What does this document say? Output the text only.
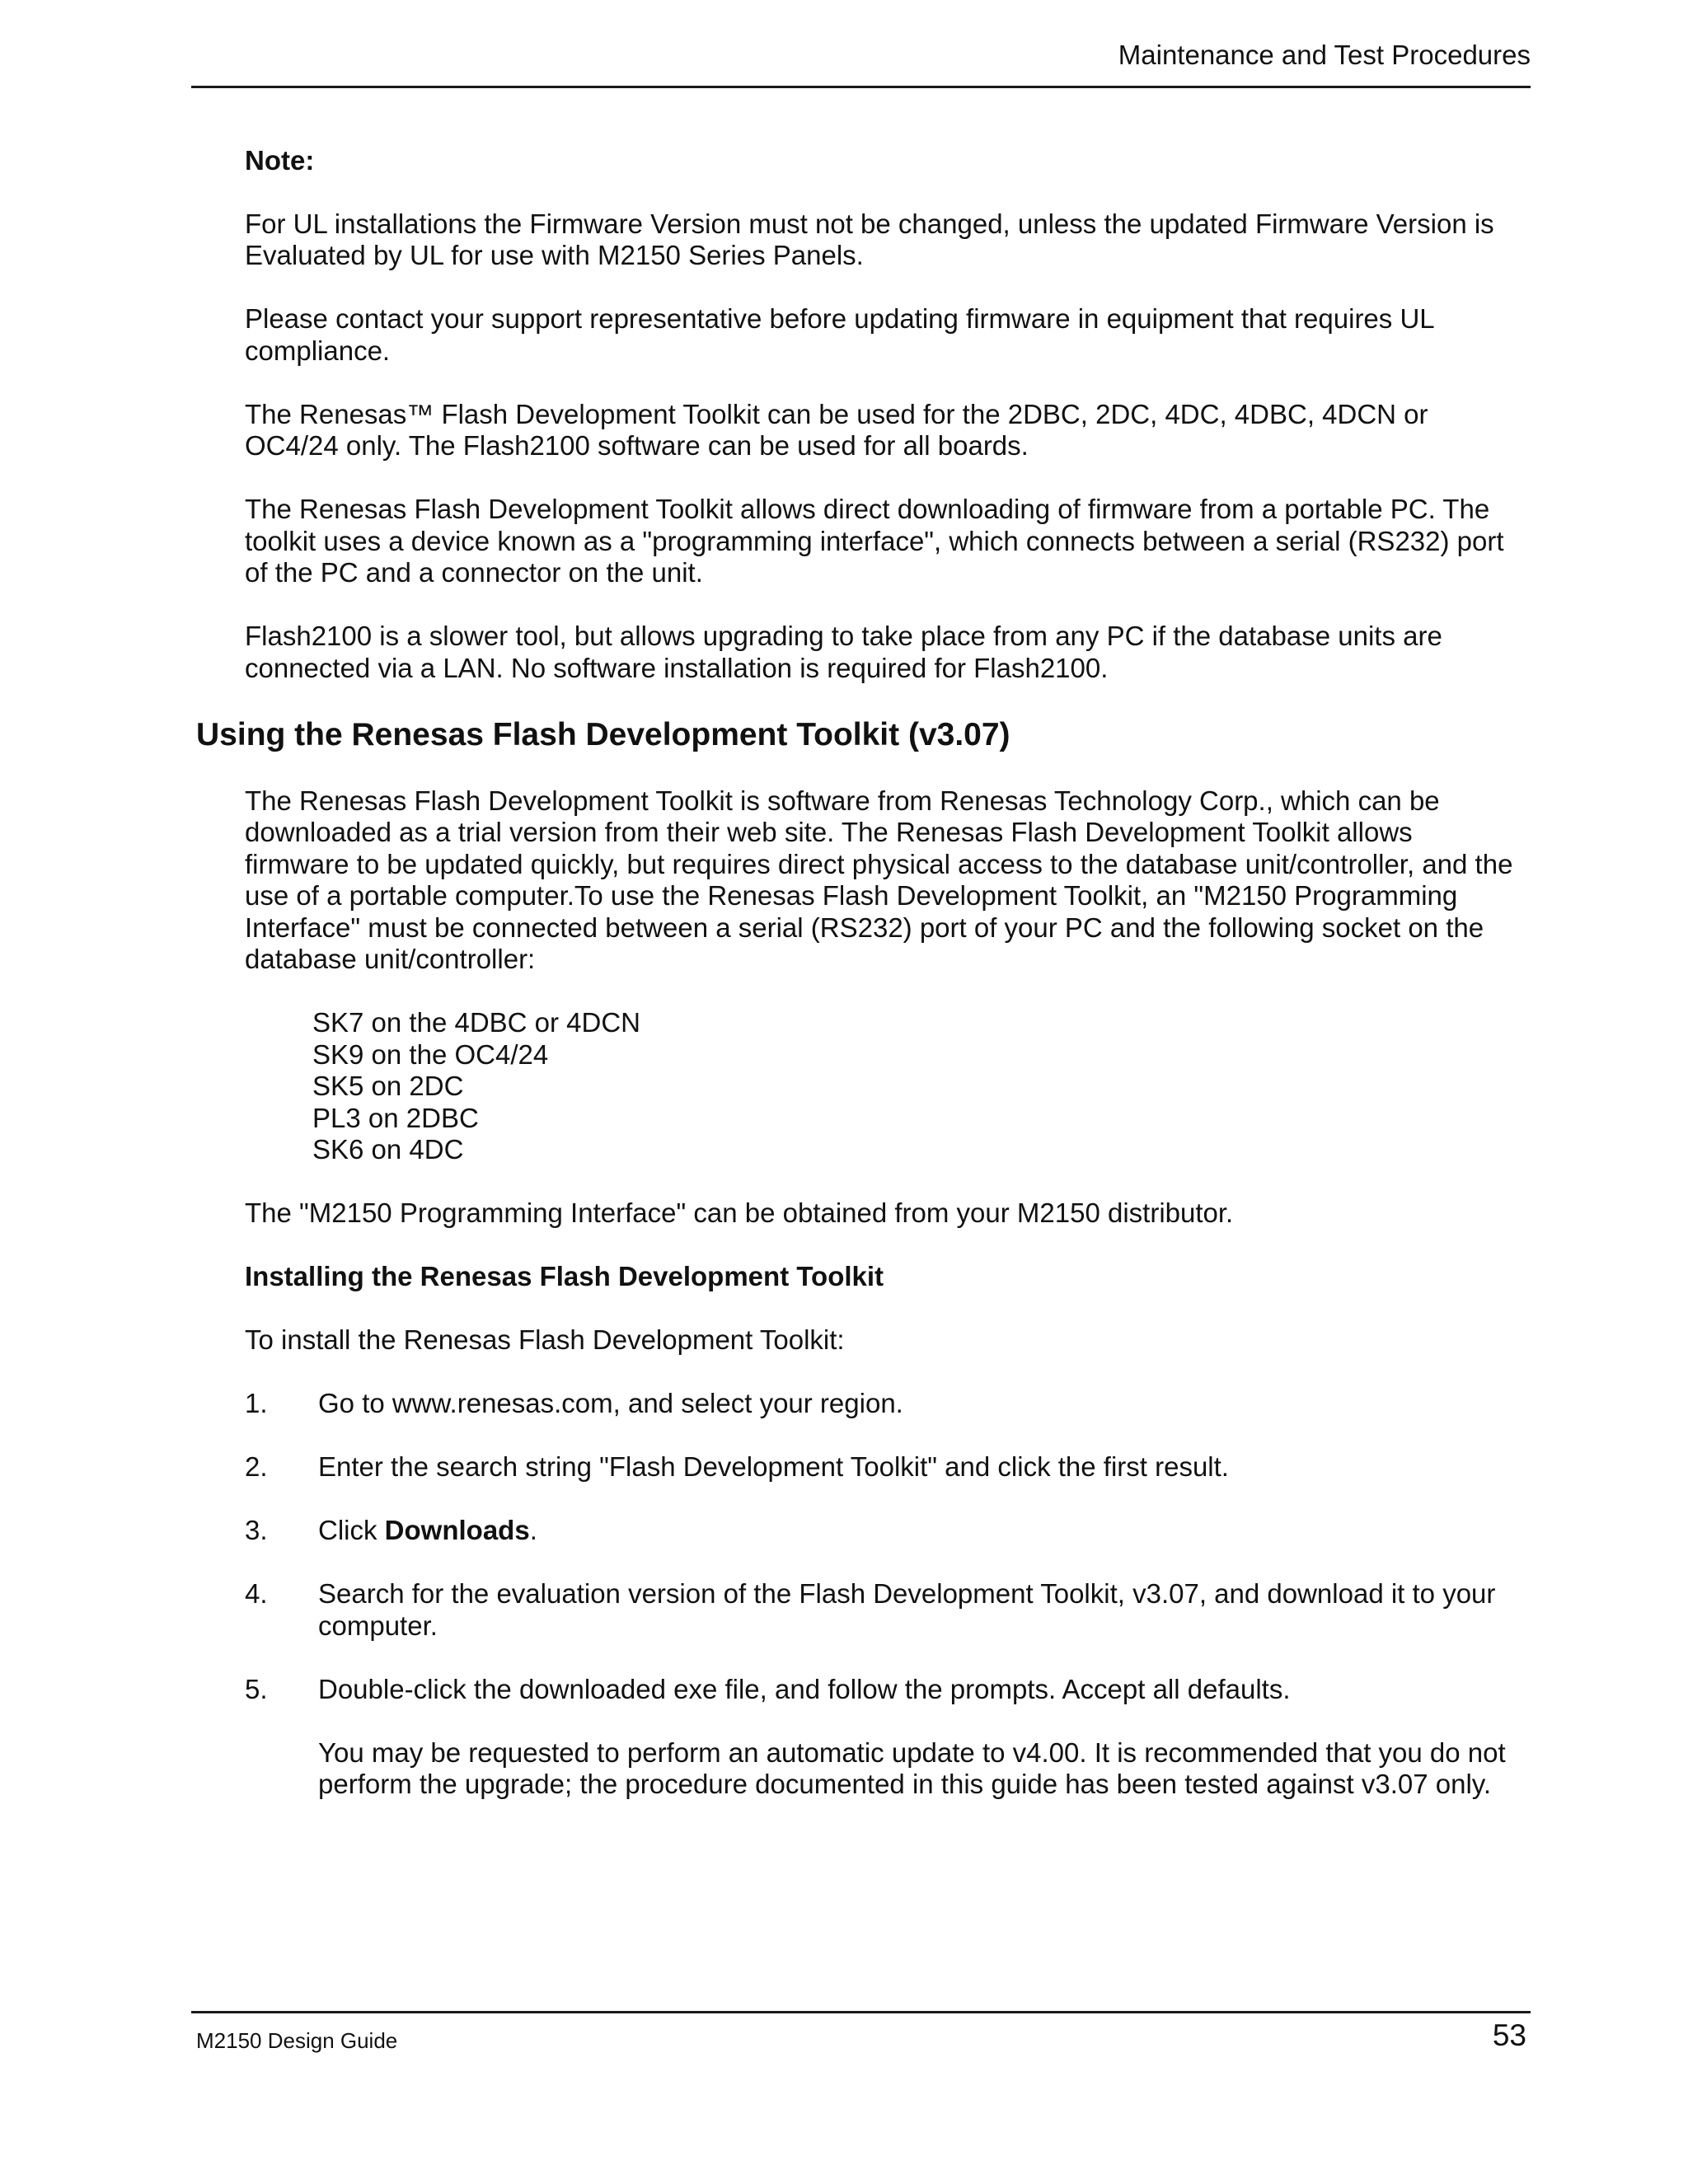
Maintenance and Test Procedures

Note:

For UL installations the Firmware Version must not be changed, unless the updated Firmware Version is Evaluated by UL for use with M2150 Series Panels.

Please contact your support representative before updating firmware in equipment that requires UL compliance.

The Renesas™ Flash Development Toolkit can be used for the 2DBC, 2DC, 4DC, 4DBC, 4DCN or OC4/24 only. The Flash2100 software can be used for all boards.

The Renesas Flash Development Toolkit allows direct downloading of firmware from a portable PC. The toolkit uses a device known as a "programming interface", which connects between a serial (RS232) port of the PC and a connector on the unit.

Flash2100 is a slower tool, but allows upgrading to take place from any PC if the database units are connected via a LAN. No software installation is required for Flash2100.

Using the Renesas Flash Development Toolkit (v3.07)

The Renesas Flash Development Toolkit is software from Renesas Technology Corp., which can be downloaded as a trial version from their web site. The Renesas Flash Development Toolkit allows firmware to be updated quickly, but requires direct physical access to the database unit/controller, and the use of a portable computer.To use the Renesas Flash Development Toolkit, an "M2150 Programming Interface" must be connected between a serial (RS232) port of your PC and the following socket on the database unit/controller:

SK7 on the 4DBC or 4DCN
SK9 on the OC4/24
SK5 on 2DC
PL3 on 2DBC
SK6 on 4DC

The "M2150 Programming Interface" can be obtained from your M2150 distributor.

Installing the Renesas Flash Development Toolkit

To install the Renesas Flash Development Toolkit:

1.	Go to www.renesas.com, and select your region.

2.	Enter the search string "Flash Development Toolkit" and click the first result.

3.	Click Downloads.

4.	Search for the evaluation version of the Flash Development Toolkit, v3.07, and download it to your computer.

5.	Double-click the downloaded exe file, and follow the prompts. Accept all defaults.

You may be requested to perform an automatic update to v4.00. It is recommended that you do not perform the upgrade; the procedure documented in this guide has been tested against v3.07 only.

M2150 Design Guide	53
